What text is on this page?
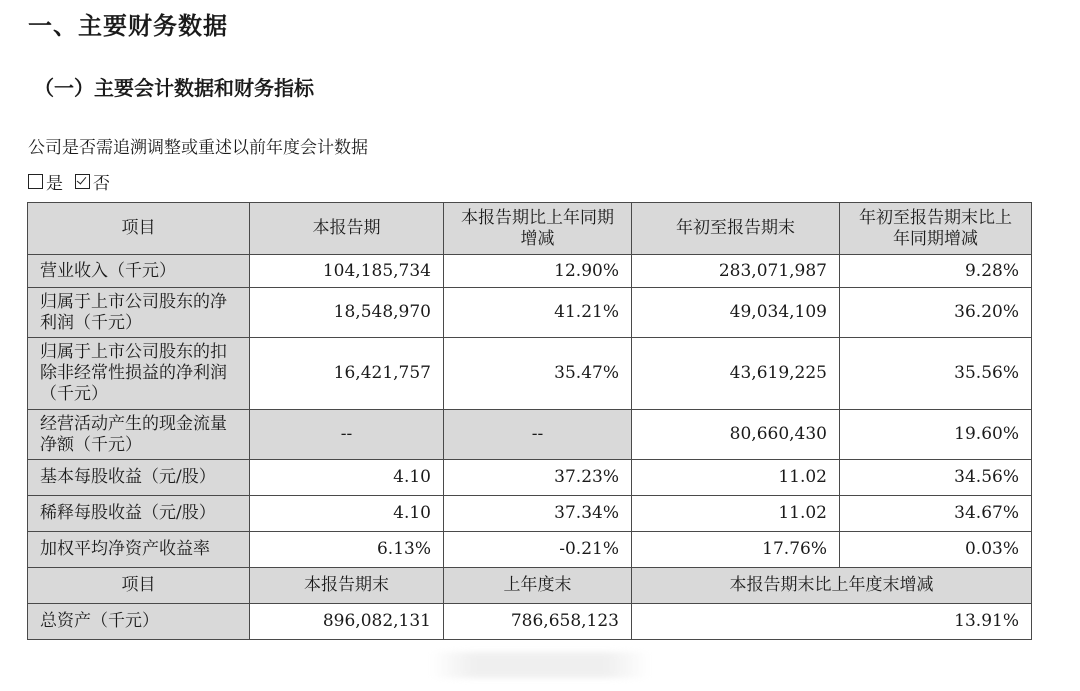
一、主要财务数据
（一）主要会计数据和财务指标
公司是否需追溯调整或重述以前年度会计数据
是 否
项目	本报告期	本报告期比上年同期增减	年初至报告期末	年初至报告期末比上年同期增减
营业收入（千元）	104,185,734	12.90%	283,071,987	9.28%
归属于上市公司股东的净利润（千元）	18,548,970	41.21%	49,034,109	36.20%
归属于上市公司股东的扣除非经常性损益的净利润（千元）	16,421,757	35.47%	43,619,225	35.56%
经营活动产生的现金流量净额（千元）	--	--	80,660,430	19.60%
基本每股收益（元/股）	4.10	37.23%	11.02	34.56%
稀释每股收益（元/股）	4.10	37.34%	11.02	34.67%
加权平均净资产收益率	6.13%	-0.21%	17.76%	0.03%
项目	本报告期末	上年度末	本报告期末比上年度末增减	
总资产（千元）	896,082,131	786,658,123	13.91%	
